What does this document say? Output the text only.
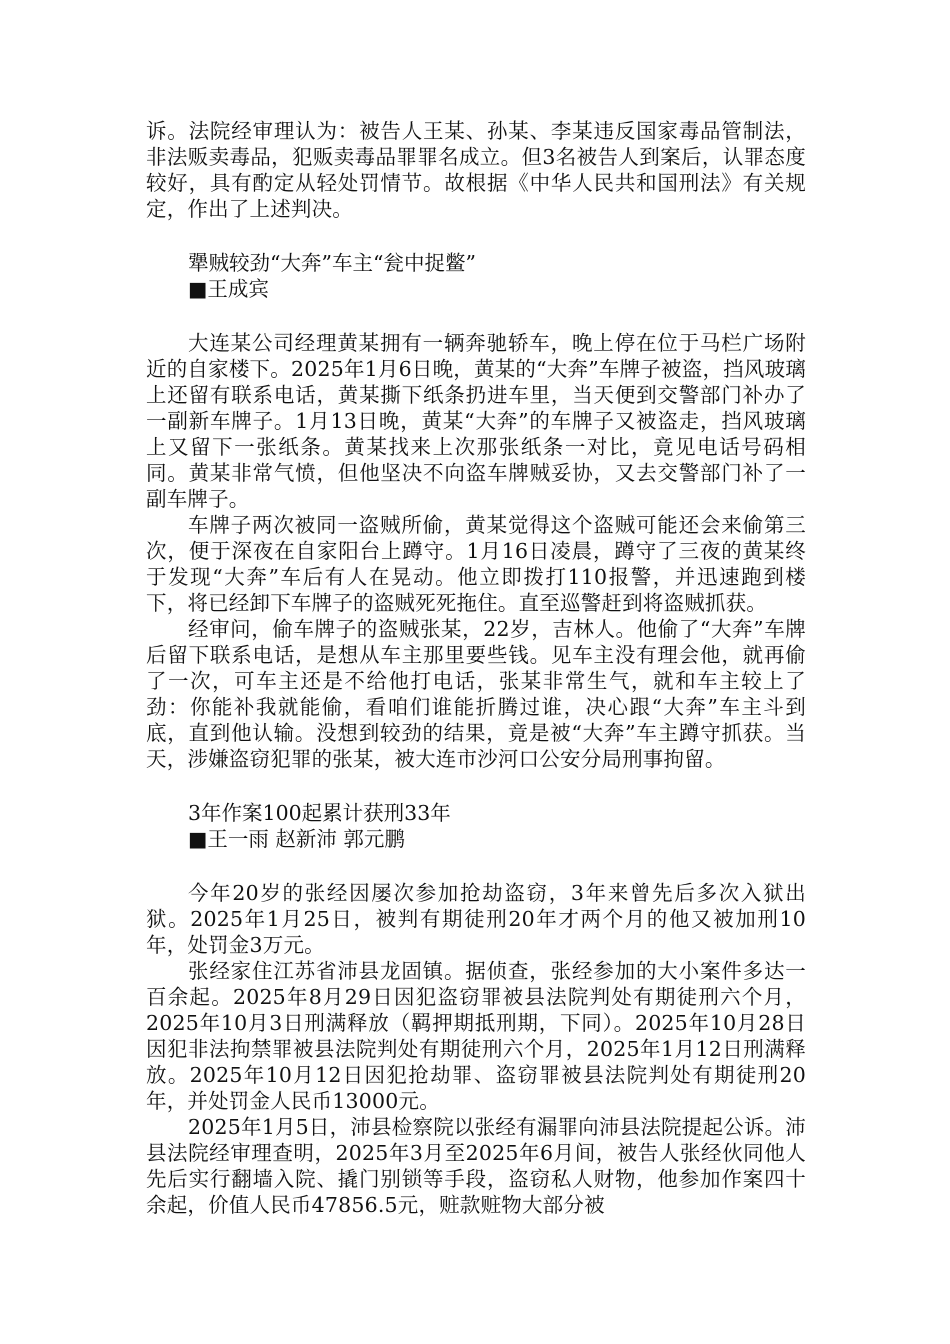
诉。法院经审理认为：被告人王某、孙某、李某违反国家毒品管制法，非法贩卖毒品，犯贩卖毒品罪罪名成立。但3名被告人到案后，认罪态度较好，具有酌定从轻处罚情节。故根据《中华人民共和国刑法》有关规定，作出了上述判决。

犟贼较劲“大奔”车主“瓮中捉鳖”

■王成宾

大连某公司经理黄某拥有一辆奔驰轿车，晚上停在位于马栏广场附近的自家楼下。2025年1月6日晚，黄某的“大奔”车牌子被盗，挡风玻璃上还留有联系电话，黄某撕下纸条扔进车里，当天便到交警部门补办了一副新车牌子。1月13日晚，黄某“大奔”的车牌子又被盗走，挡风玻璃上又留下一张纸条。黄某找来上次那张纸条一对比，竟见电话号码相同。黄某非常气愤，但他坚决不向盗车牌贼妥协，又去交警部门补了一副车牌子。

车牌子两次被同一盗贼所偷，黄某觉得这个盗贼可能还会来偷第三次，便于深夜在自家阳台上蹲守。1月16日凌晨，蹲守了三夜的黄某终于发现“大奔”车后有人在晃动。他立即拨打110报警，并迅速跑到楼下，将已经卸下车牌子的盗贼死死拖住。直至巡警赶到将盗贼抓获。

经审问，偷车牌子的盗贼张某，22岁，吉林人。他偷了“大奔”车牌后留下联系电话，是想从车主那里要些钱。见车主没有理会他，就再偷了一次，可车主还是不给他打电话，张某非常生气，就和车主较上了劲：你能补我就能偷，看咱们谁能折腾过谁，决心跟“大奔”车主斗到底，直到他认输。没想到较劲的结果，竟是被“大奔”车主蹲守抓获。当天，涉嫌盗窃犯罪的张某，被大连市沙河口公安分局刑事拘留。

3年作案100起累计获刑33年

■王一雨 赵新沛 郭元鹏

今年20岁的张经因屡次参加抢劫盗窃，3年来曾先后多次入狱出狱。2025年1月25日，被判有期徒刑20年才两个月的他又被加刑10年，处罚金3万元。

张经家住江苏省沛县龙固镇。据侦查，张经参加的大小案件多达一百余起。2025年8月29日因犯盗窃罪被县法院判处有期徒刑六个月，2025年10月3日刑满释放（羁押期抵刑期，下同）。2025年10月28日因犯非法拘禁罪被县法院判处有期徒刑六个月，2025年1月12日刑满释放。2025年10月12日因犯抢劫罪、盗窃罪被县法院判处有期徒刑20年，并处罚金人民币13000元。

2025年1月5日，沛县检察院以张经有漏罪向沛县法院提起公诉。沛县法院经审理查明，2025年3月至2025年6月间，被告人张经伙同他人先后实行翻墙入院、撬门别锁等手段，盗窃私人财物，他参加作案四十余起，价值人民币47856.5元，赃款赃物大部分被
